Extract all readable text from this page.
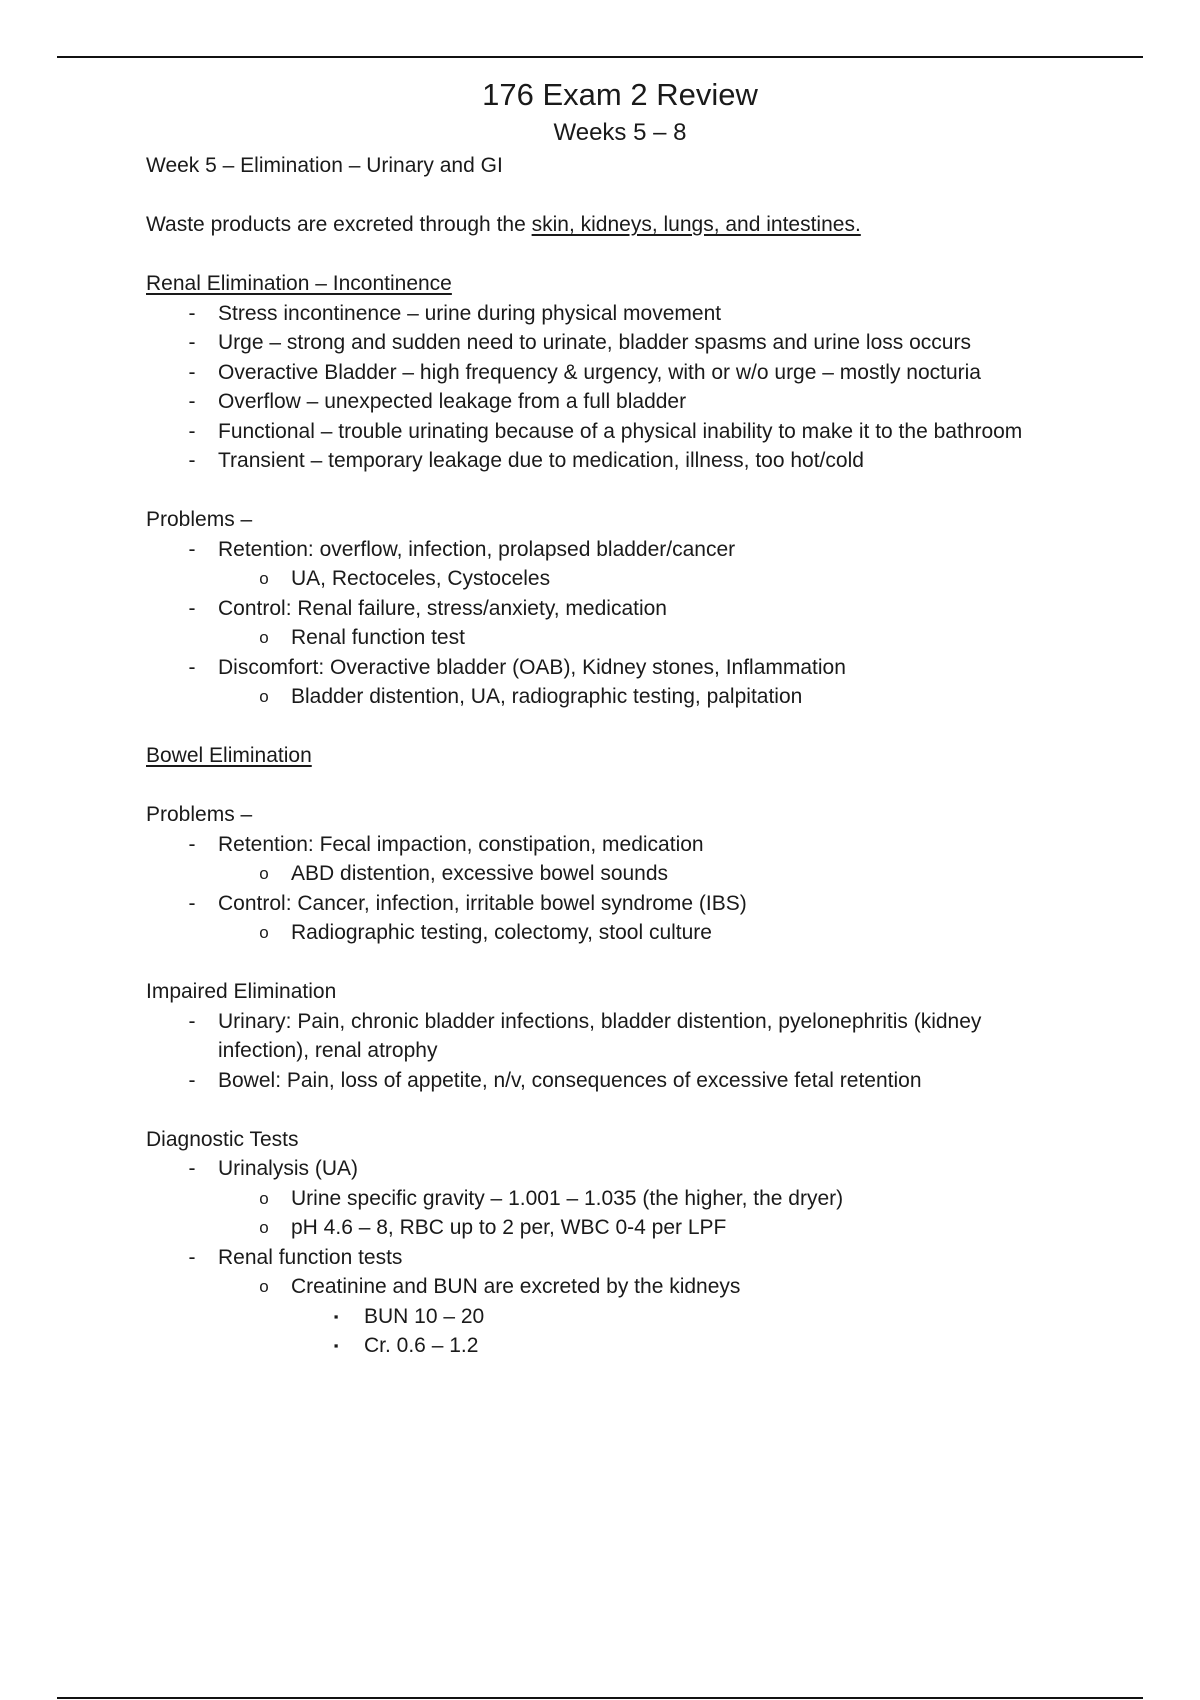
176 Exam 2 Review
Weeks 5 – 8

Week 5 – Elimination – Urinary and GI

Waste products are excreted through the skin, kidneys, lungs, and intestines.

Renal Elimination – Incontinence

-	Stress incontinence – urine during physical movement
-	Urge – strong and sudden need to urinate, bladder spasms and urine loss occurs
-	Overactive Bladder – high frequency & urgency, with or w/o urge – mostly nocturia
-	Overflow – unexpected leakage from a full bladder
-	Functional – trouble urinating because of a physical inability to make it to the bathroom
-	Transient – temporary leakage due to medication, illness, too hot/cold

Problems –

-	Retention: overflow, infection, prolapsed bladder/cancer
o UA, Rectoceles, Cystoceles
-	Control: Renal failure, stress/anxiety, medication
o Renal function test
-	Discomfort: Overactive bladder (OAB), Kidney stones, Inflammation
o Bladder distention, UA, radiographic testing, palpitation

Bowel Elimination

Problems –

-	Retention: Fecal impaction, constipation, medication
o ABD distention, excessive bowel sounds
-	Control: Cancer, infection, irritable bowel syndrome (IBS)
o Radiographic testing, colectomy, stool culture

Impaired Elimination

-	Urinary: Pain, chronic bladder infections, bladder distention, pyelonephritis (kidney
infection), renal atrophy
-	Bowel: Pain, loss of appetite, n/v, consequences of excessive fetal retention

Diagnostic Tests

-	Urinalysis (UA)
o Urine specific gravity – 1.001 – 1.035 (the higher, the dryer)
o pH 4.6 – 8, RBC up to 2 per, WBC 0-4 per LPF
-	Renal function tests
o Creatinine and BUN are excreted by the kidneys
▪	BUN 10 – 20
▪	Cr. 0.6 – 1.2
